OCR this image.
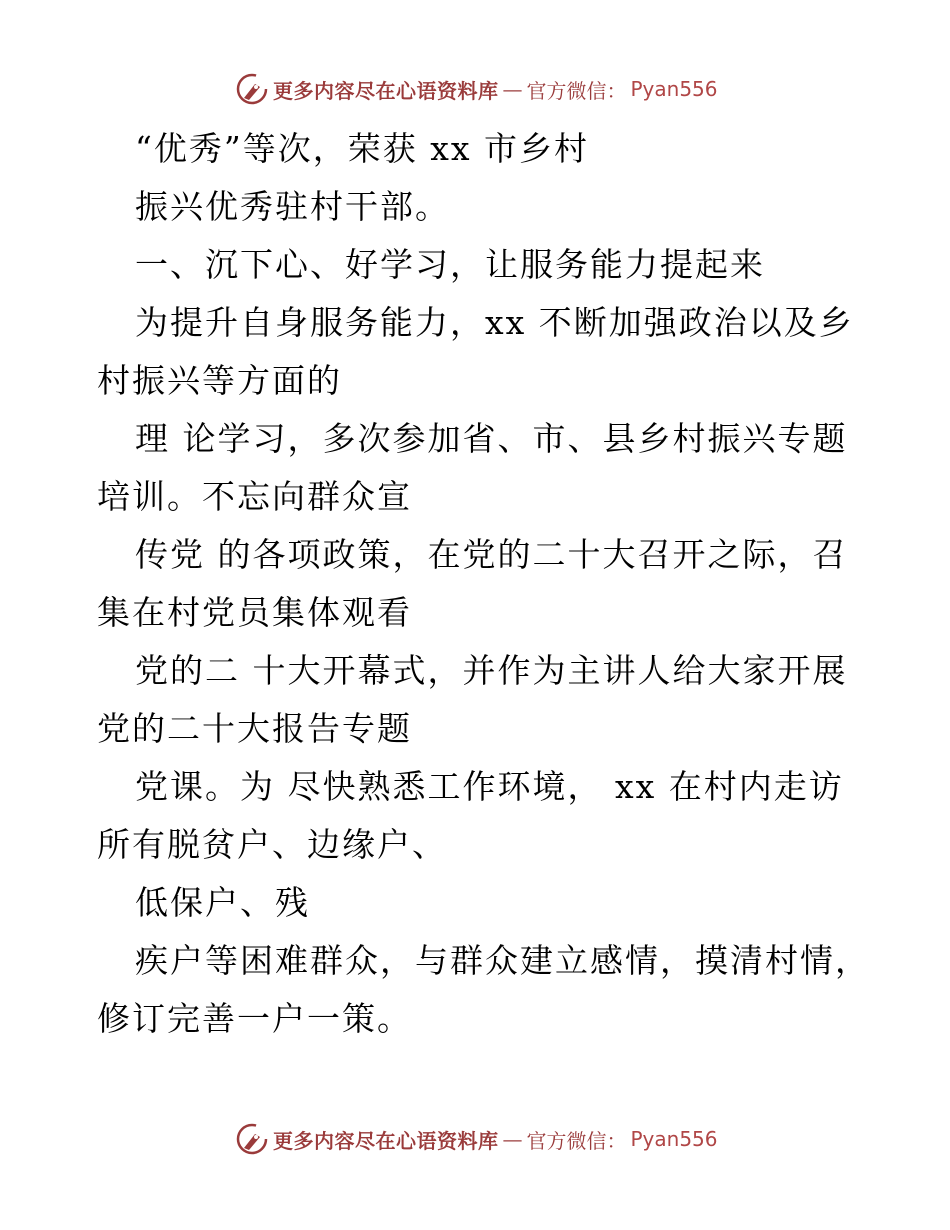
更多内容尽在心语资料库 — 官方微信： Pyan556
“优秀”等次，荣获 xx 市乡村
振兴优秀驻村干部。
一、沉下心、好学习，让服务能力提起来
为提升自身服务能力，xx 不断加强政治以及乡
村振兴等方面的
理 论学习，多次参加省、市、县乡村振兴专题
培训。不忘向群众宣
传党 的各项政策，在党的二十大召开之际，召
集在村党员集体观看
党的二 十大开幕式，并作为主讲人给大家开展
党的二十大报告专题
党课。为 尽快熟悉工作环境， xx 在村内走访
所有脱贫户、边缘户、
低保户、残
疾户等困难群众，与群众建立感情，摸清村情，
修订完善一户一策。
更多内容尽在心语资料库 — 官方微信： Pyan556
